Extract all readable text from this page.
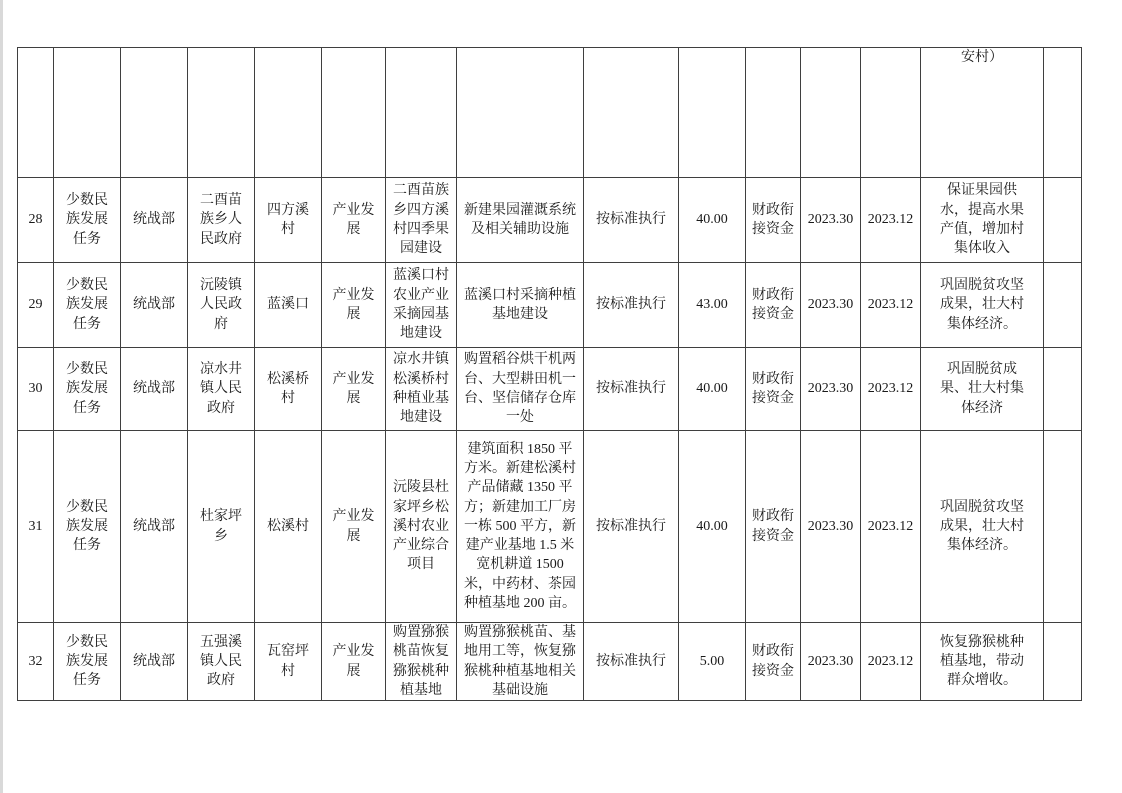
													安村）	
28	少数民族发展任务	统战部	二酉苗族乡人民政府	四方溪村	产业发展	二酉苗族乡四方溪村四季果园建设	新建果园灌溉系统及相关辅助设施	按标准执行	40.00	财政衔接资金	2023.30	2023.12	保证果园供水，提高水果产值，增加村集体收入	
29	少数民族发展任务	统战部	沅陵镇人民政府	蓝溪口	产业发展	蓝溪口村农业产业采摘园基地建设	蓝溪口村采摘种植基地建设	按标准执行	43.00	财政衔接资金	2023.30	2023.12	巩固脱贫攻坚成果，壮大村集体经济。	
30	少数民族发展任务	统战部	凉水井镇人民政府	松溪桥村	产业发展	凉水井镇松溪桥村种植业基地建设	购置稻谷烘干机两台、大型耕田机一台、坚信储存仓库一处	按标准执行	40.00	财政衔接资金	2023.30	2023.12	巩固脱贫成果、壮大村集体经济	
31	少数民族发展任务	统战部	杜家坪乡	松溪村	产业发展	沅陵县杜家坪乡松溪村农业产业综合项目	建筑面积 1850 平方米。新建松溪村产品储藏 1350 平方；新建加工厂房一栋 500 平方，新建产业基地 1.5 米宽机耕道 1500 米，中药材、茶园种植基地 200 亩。	按标准执行	40.00	财政衔接资金	2023.30	2023.12	巩固脱贫攻坚成果，壮大村集体经济。	
32	少数民族发展任务	统战部	五强溪镇人民政府	瓦窑坪村	产业发展	购置猕猴桃苗恢复猕猴桃种植基地	购置猕猴桃苗、基地用工等，恢复猕猴桃种植基地相关基础设施	按标准执行	5.00	财政衔接资金	2023.30	2023.12	恢复猕猴桃种植基地，带动群众增收。	
